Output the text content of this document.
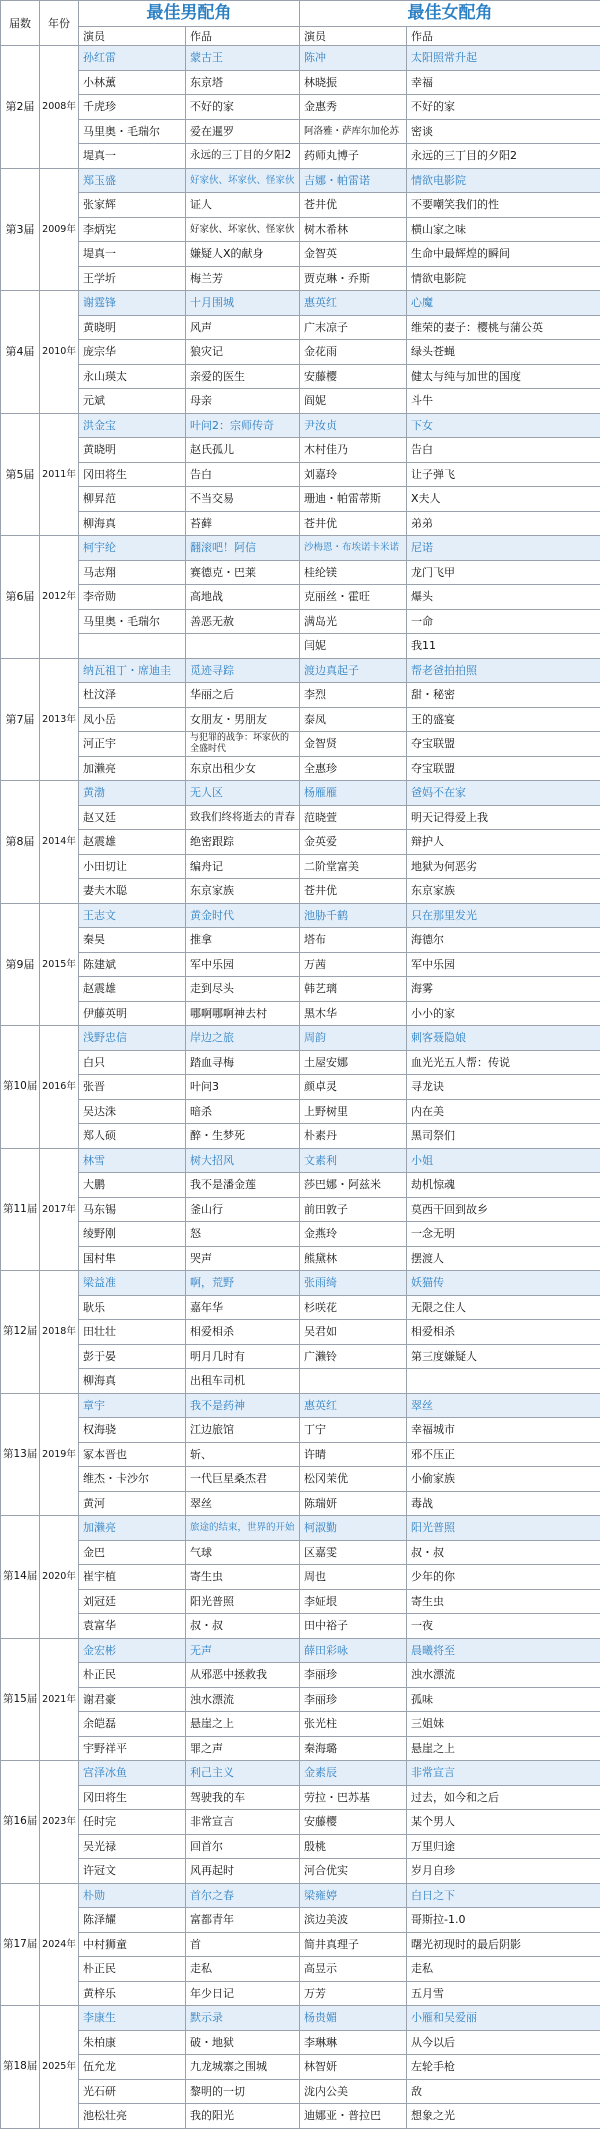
届数	年份	最佳男配角		最佳女配角	
		演员	作品	演员	作品
第2届	2008年	孙红雷	蒙古王	陈冲	太阳照常升起
		小林薰	东京塔	林晓振	幸福
		千虎珍	不好的家	金惠秀	不好的家
		马里奥・毛瑞尔	爱在暹罗	阿洛雅・萨库尔加伦苏	密谈
		堤真一	永远的三丁目的夕阳2	药师丸博子	永远的三丁目的夕阳2
第3届	2009年	郑玉盛	好家伙、坏家伙、怪家伙	吉娜・帕雷诺	情欲电影院
		张家辉	证人	苍井优	不要嘲笑我们的性
		李炳宪	好家伙、坏家伙、怪家伙	树木希林	横山家之味
		堤真一	嫌疑人X的献身	金智英	生命中最辉煌的瞬间
		王学圻	梅兰芳	贾克琳・乔斯	情欲电影院
第4届	2010年	谢霆锋	十月围城	惠英红	心魔
		黄晓明	风声	广末凉子	维荣的妻子：樱桃与蒲公英
		庞宗华	狼灾记	金花雨	绿头苍蝇
		永山瑛太	亲爱的医生	安藤樱	健太与纯与加世的国度
		元斌	母亲	阎妮	斗牛
第5届	2011年	洪金宝	叶问2：宗师传奇	尹汝贞	下女
		黄晓明	赵氏孤儿	木村佳乃	告白
		冈田将生	告白	刘嘉玲	让子弹飞
		柳昇范	不当交易	珊迪・帕雷蒂斯	X夫人
		柳海真	苔藓	苍井优	弟弟
第6届	2012年	柯宇纶	翻滚吧！阿信	沙梅恩・布埃诺卡米诺	尼诺
		马志翔	赛德克・巴莱	桂纶镁	龙门飞甲
		李帝勋	高地战	克丽丝・霍旺	爆头
		马里奥・毛瑞尔	善恶无赦	满岛光	一命
				闫妮	我11
第7届	2013年	纳瓦祖丁・席迪圭	觅迹寻踪	渡边真起子	帮老爸拍拍照
		杜汶泽	华丽之后	李烈	甜・秘密
		凤小岳	女朋友・男朋友	泰凤	王的盛宴
		河正宇	与犯罪的战争：坏家伙的全盛时代	金智贤	夺宝联盟
		加濑亮	东京出租少女	全惠珍	夺宝联盟
第8届	2014年	黄渤	无人区	杨雁雁	爸妈不在家
		赵又廷	致我们终将逝去的青春	范晓萱	明天记得爱上我
		赵震雄	绝密跟踪	金英爱	辩护人
		小田切让	编舟记	二阶堂富美	地狱为何恶劣
		妻夫木聪	东京家族	苍井优	东京家族
第9届	2015年	王志文	黄金时代	池胁千鹤	只在那里发光
		秦昊	推拿	塔布	海德尔
		陈建斌	军中乐园	万茜	军中乐园
		赵震雄	走到尽头	韩艺璃	海雾
		伊藤英明	哪啊哪啊神去村	黑木华	小小的家
第10届	2016年	浅野忠信	岸边之旅	周韵	刺客聂隐娘
		白只	踏血寻梅	土屋安娜	血光光五人帮：传说
		张晋	叶问3	颜卓灵	寻龙诀
		吴达洙	暗杀	上野树里	内在美
		郑人硕	醉・生梦死	朴素丹	黑司祭们
第11届	2017年	林雪	树大招风	文素利	小姐
		大鹏	我不是潘金莲	莎巴娜・阿兹米	劫机惊魂
		马东锡	釜山行	前田敦子	莫西干回到故乡
		绫野刚	怒	金燕玲	一念无明
		国村隼	哭声	熊黛林	摆渡人
第12届	2018年	梁益准	啊，荒野	张雨绮	妖猫传
		耿乐	嘉年华	杉咲花	无限之住人
		田壮壮	相爱相杀	吴君如	相爱相杀
		彭于晏	明月几时有	广濑铃	第三度嫌疑人
		柳海真	出租车司机		
第13届	2019年	章宇	我不是药神	惠英红	翠丝
		权海骁	江边旅馆	丁宁	幸福城市
		冢本晋也	斩、	许晴	邪不压正
		维杰・卡沙尔	一代巨星桑杰君	松冈茉优	小偷家族
		黄河	翠丝	陈瑞妍	毒战
第14届	2020年	加濑亮	旅途的结束，世界的开始	柯淑勤	阳光普照
		金巴	气球	区嘉雯	叔・叔
		崔宇植	寄生虫	周也	少年的你
		刘冠廷	阳光普照	李姃垠	寄生虫
		袁富华	叔・叔	田中裕子	一夜
第15届	2021年	金宏彬	无声	薛田彩咏	晨曦将至
		朴正民	从邪恶中拯救我	李丽珍	浊水漂流
		谢君豪	浊水漂流	李丽珍	孤味
		余皑磊	悬崖之上	张光柱	三姐妹
		宇野祥平	罪之声	秦海璐	悬崖之上
第16届	2023年	宫泽冰鱼	利己主义	金素辰	非常宣言
		冈田将生	驾驶我的车	劳拉・巴苏基	过去，如今和之后
		任时完	非常宣言	安藤樱	某个男人
		吴光禄	回首尔	殷桃	万里归途
		许冠文	风再起时	河合优实	岁月自珍
第17届	2024年	朴勋	首尔之春	梁雍婷	白日之下
		陈泽耀	富都青年	滨边美波	哥斯拉-1.0
		中村狮童	首	简井真理子	曙光初现时的最后阴影
		朴正民	走私	高昱示	走私
		黄梓乐	年少日记	万芳	五月雪
第18届	2025年	李康生	默示录	杨贵媚	小雁和吴爱丽
		朱柏康	破・地狱	李琳琳	从今以后
		伍允龙	九龙城寨之围城	林智妍	左轮手枪
		光石研	黎明的一切	泷内公美	敌
		池松壮亮	我的阳光	迪娜亚・普拉巴	想象之光
